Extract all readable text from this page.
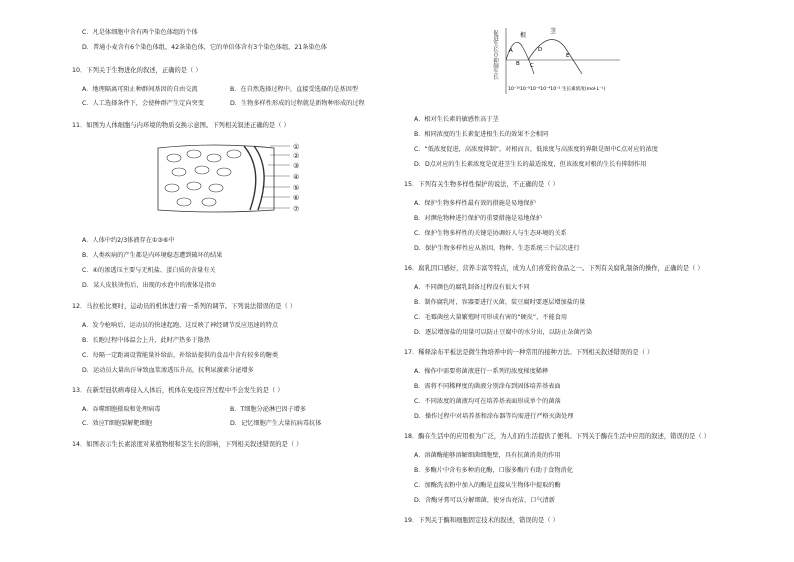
C．凡是体细胞中含有两个染色体组的个体
D．普通小麦含有6个染色体组，42条染色体，它的单倍体含有3个染色体组，21条染色体
10．下列关于生物进化的叙述，正确的是（ ）
A．地理隔离可阻止种群间基因的自由交流	B．在自然选择过程中，直接受选择的是基因型
C．人工选择条件下，会使种群产生定向突变	D．生物多样性形成的过程就是新物种形成的过程
11．如图为人体细胞与内环境的物质交换示意图。下列相关叙述正确的是（ ）
①
②
③
④
⑤
⑥
⑦
A．人体中约2/3体液存在①③⑥中
B．人类疾病的产生都是内环境稳态遭到破坏的结果
C．④的渗透压主要与无机盐、蛋白质的含量有关
D．某人皮肤烫伤后，出现的水泡中的液体是指⑦
12．马拉松比赛时，运动员的机体进行着一系列的调节。下列说法错误的是（ ）
A．发令枪响后，运动员的快速起跑，这反映了神经调节反应迅速的特点
B．长跑过程中体温会上升，此时产热多于散热
C．每隔一定距离设置能量补给站，补给站提供的食品中含有较多的糖类
D．运动员大量出汗导致血浆渗透压升高，抗利尿激素分泌增多
13．在新型冠状病毒侵入人体后，机体在免疫应答过程中不会发生的是（ ）
A．吞噬细胞摄取和处理病毒	B．T细胞分泌淋巴因子增多
C．效应T细胞裂解靶细胞	D．记忆细胞产生大量抗病毒抗体
14．如图表示生长素浓度对某植物根和茎生长的影响，下列相关叙述错误的是（ ）
促进生长０抑制生长	根
茎
A
B C
D
E
10⁻¹⁰10⁻⁸10⁻⁶10⁻⁴10⁻² 生长素浓度(mol·L⁻¹)
A．根对生长素的敏感性高于茎
B．相同浓度的生长素促进根生长的效果不会相同
C．“低浓度促进，高浓度抑制”，对根而言，低浓度与高浓度的界限是图中C点对应的浓度
D．D点对应的生长素浓度是促进茎生长的最适浓度，但该浓度对根的生长有抑制作用
15．下列有关生物多样性保护的说法，不正确的是（ ）
A．保护生物多样性最有效的措施是易地保护
B．对濒危物种进行保护的重要措施是易地保护
C．保护生物多样性的关键是协调好人与生态环境的关系
D．保护生物多样性应从基因、物种、生态系统三个层次进行
16．腐乳因口感好，营养丰富等特点，成为人们喜爱的食品之一。下列有关腐乳制备的操作，正确的是（ ）
A．不同颜色的腐乳制备过程没有很大不同
B．制作腐乳时，容器要进行灭菌，装豆腐时要逐层增加盐的量
C．毛霉菌丝大量繁殖时可形成有害的“硬皮”，不能食用
D．逐层增加盐的用量可以防止豆腐中的水分出，以防止杂菌污染
17．稀释涂布平板法是微生物培养中的一种常用的接种方法。下列相关叙述错误的是（ ）
A．操作中需要将菌液进行一系列的浓度梯度稀释
B．需将不同稀释度的菌液分别涂布到固体培养基表面
C．不同浓度的菌液均可在培养基表面形成单个的菌落
D．操作过程中对培养基和涂布器等均需进行严格灭菌处理
18．酶在生活中的应用极为广泛，为人们的生活提供了便利。下列关于酶在生活中应用的叙述，错误的是（ ）
A．溶菌酶能够溶解细菌细胞壁，具有抗菌消炎的作用
B．多酶片中含有多种消化酶，口服多酶片有助于食物消化
C．加酶洗衣粉中加入的酶是直接从生物体中提取的酶
D．含酶牙膏可以分解细菌，使牙齿亮洁、口气清新
19．下列关于酶和细胞固定技术的叙述，错误的是（ ）
